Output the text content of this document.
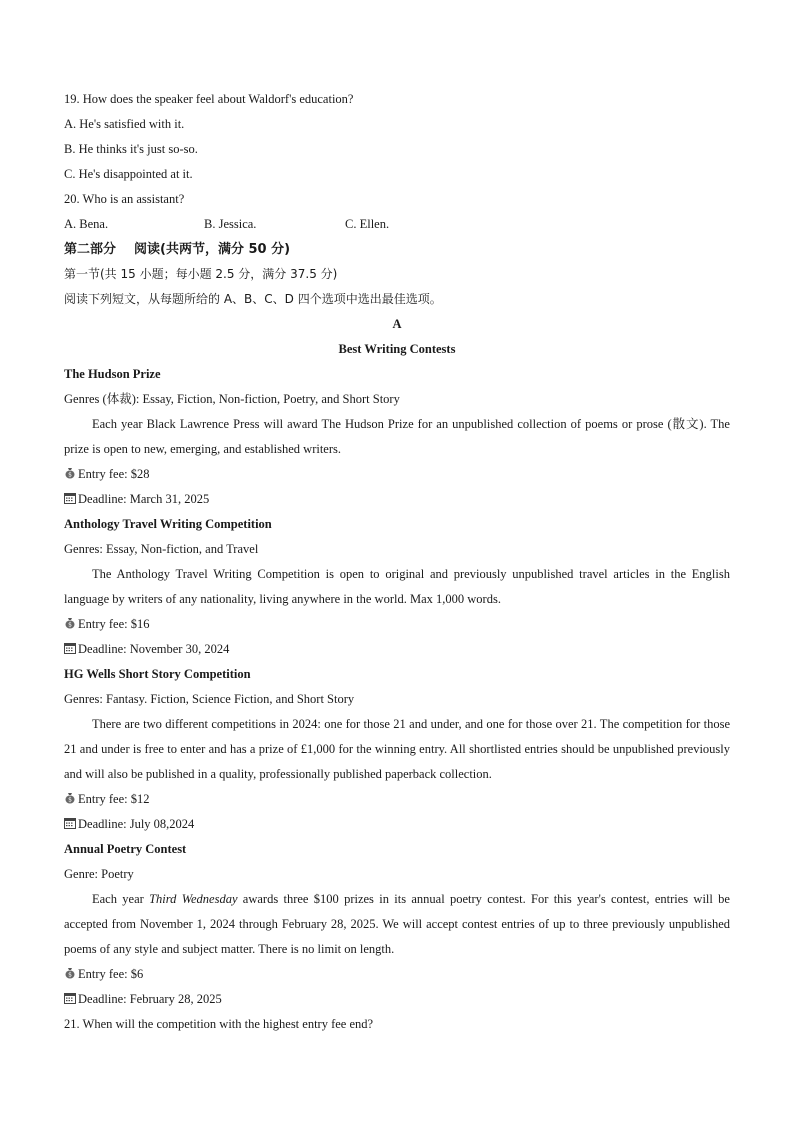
19. How does the speaker feel about Waldorf's education?
A. He's satisfied with it.
B. He thinks it's just so-so.
C. He's disappointed at it.
20. Who is an assistant?
A. Bena.	B. Jessica.	C. Ellen.
第二部分 阅读(共两节，满分 50 分)
第一节(共 15 小题；每小题 2.5 分，满分 37.5 分)
阅读下列短文，从每题所给的 A、B、C、D 四个选项中选出最佳选项。
A
Best Writing Contests
The Hudson Prize
Genres (体裁): Essay, Fiction, Non-fiction, Poetry, and Short Story
Each year Black Lawrence Press will award The Hudson Prize for an unpublished collection of poems or prose (散文). The prize is open to new, emerging, and established writers.
$ Entry fee: $28
Deadline: March 31, 2025
Anthology Travel Writing Competition
Genres: Essay, Non-fiction, and Travel
The Anthology Travel Writing Competition is open to original and previously unpublished travel articles in the English language by writers of any nationality, living anywhere in the world. Max 1,000 words.
$ Entry fee: $16
Deadline: November 30, 2024
HG Wells Short Story Competition
Genres: Fantasy. Fiction, Science Fiction, and Short Story
There are two different competitions in 2024: one for those 21 and under, and one for those over 21. The competition for those 21 and under is free to enter and has a prize of £1,000 for the winning entry. All shortlisted entries should be unpublished previously and will also be published in a quality, professionally published paperback collection.
$ Entry fee: $12
Deadline: July 08,2024
Annual Poetry Contest
Genre: Poetry
Each year Third Wednesday awards three $100 prizes in its annual poetry contest. For this year's contest, entries will be accepted from November 1, 2024 through February 28, 2025. We will accept contest entries of up to three previously unpublished poems of any style and subject matter. There is no limit on length.
$ Entry fee: $6
Deadline: February 28, 2025
21. When will the competition with the highest entry fee end?
